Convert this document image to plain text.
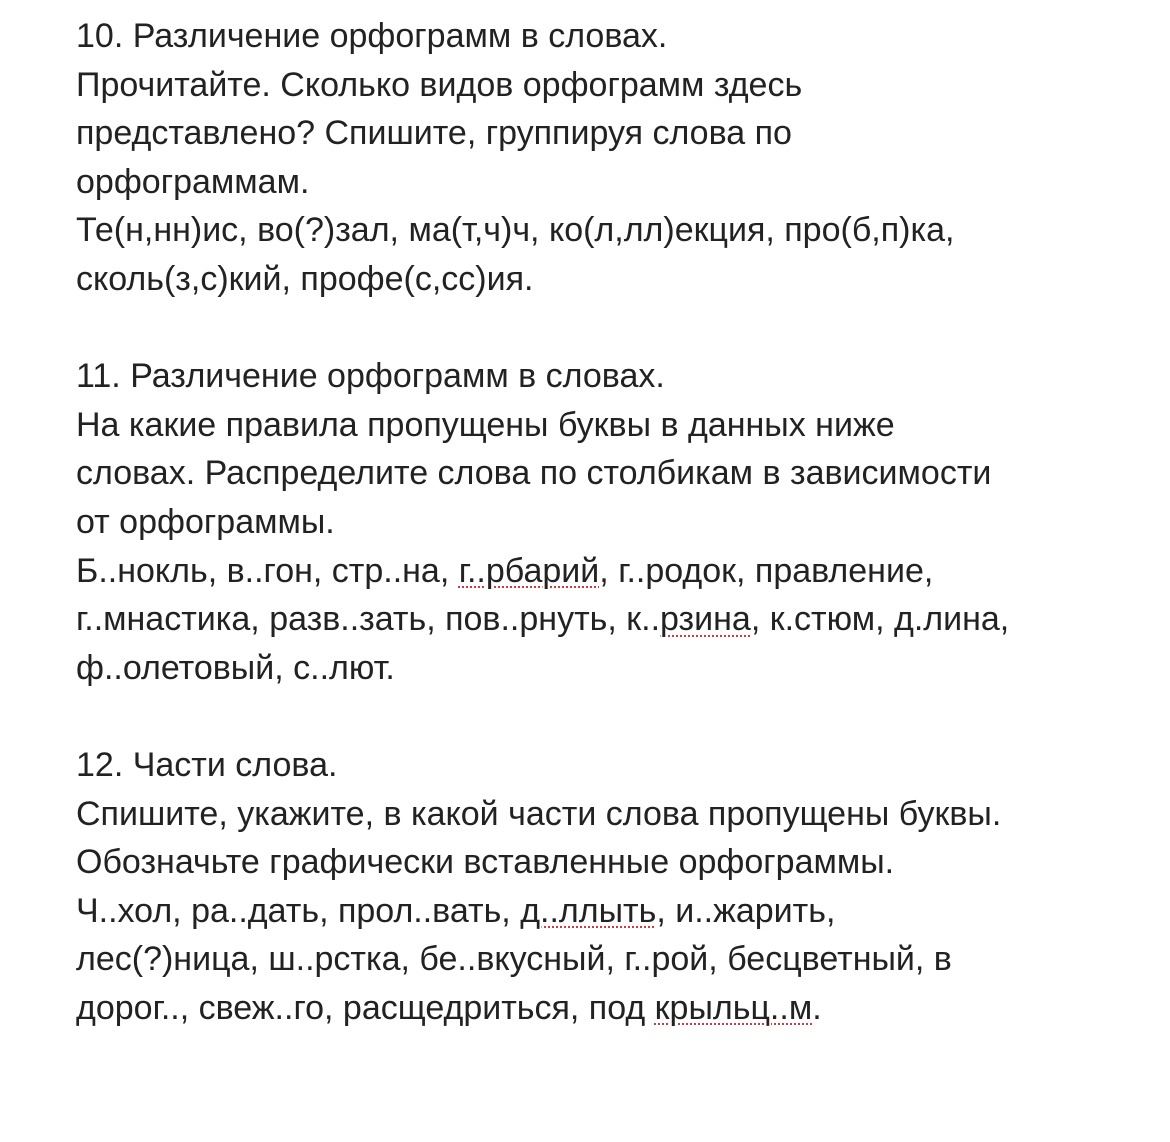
10. Различение орфограмм в словах.
Прочитайте. Сколько видов орфограмм здесь
представлено? Спишите, группируя слова по
орфограммам.
Те(н,нн)ис, во(?)зал, ма(т,ч)ч, ко(л,лл)екция, про(б,п)ка,
сколь(з,с)кий, профе(с,сс)ия.
11. Различение орфограмм в словах.
На какие правила пропущены буквы в данных ниже
словах. Распределите слова по столбикам в зависимости
от орфограммы.
Б..нокль, в..гон, стр..на, г..рбарий, г..родок, правление,
г..мнастика, разв..зать, пов..рнуть, к..рзина, к.стюм, д.лина,
ф..олетовый, с..лют.
12. Части слова.
Спишите, укажите, в какой части слова пропущены буквы.
Обозначьте графически вставленные орфограммы.
Ч..хол, ра..дать, прол..вать, д..ллыть, и..жарить,
лес(?)ница, ш..рстка, бе..вкусный, г..рой, бесцветный, в
дорог.., свеж..го, расщедриться, под крыльц..м.
